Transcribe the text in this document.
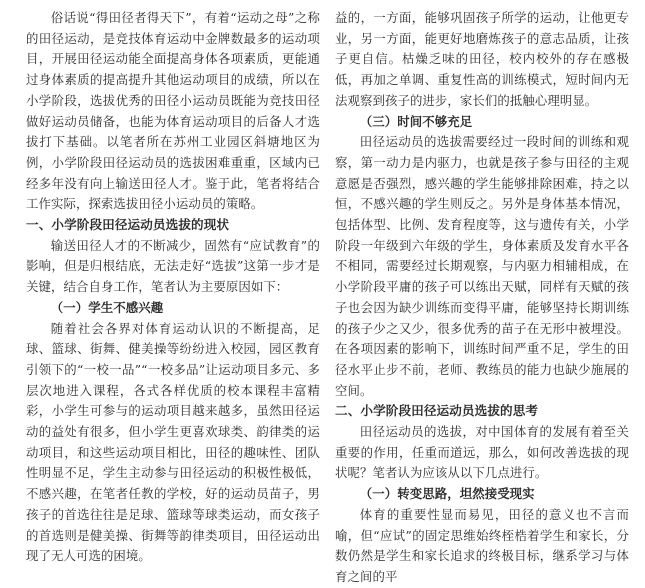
俗话说“得田径者得天下”，有着“运动之母”之称的田径运动，是竞技体育运动中金牌数最多的运动项目，开展田径运动能全面提高身体各项素质，更能通过身体素质的提高提升其他运动项目的成绩，所以在小学阶段，选拔优秀的田径小运动员既能为竞技田径做好运动员储备，也能为体育运动项目的后备人才选拔打下基础。以笔者所在苏州工业园区斜塘地区为例，小学阶段田径运动员的选拔困难重重，区域内已经多年没有向上输送田径人才。鉴于此，笔者将结合工作实际，探索选拔田径小运动员的策略。

一、小学阶段田径运动员选拔的现状

输送田径人才的不断减少，固然有“应试教育”的影响，但是归根结底，无法走好“选拔”这第一步才是关键，结合自身工作，笔者认为主要原因如下：

（一）学生不感兴趣

随着社会各界对体育运动认识的不断提高，足球、篮球、街舞、健美操等纷纷进入校园，园区教育引领下的“一校一品”“一校多品”让运动项目多元、多层次地进入课程，各式各样优质的校本课程丰富精彩，小学生可参与的运动项目越来越多，虽然田径运动的益处有很多，但小学生更喜欢球类、韵律类的运动项目，和这些运动项目相比，田径的趣味性、团队性明显不足，学生主动参与田径运动的积极性极低，不感兴趣，在笔者任教的学校，好的运动员苗子，男孩子的首选往往是足球、篮球等球类运动，而女孩子的首选则是健美操、街舞等韵律类项目，田径运动出现了无人可选的困境。

益的，一方面，能够巩固孩子所学的运动，让他更专业，另一方面，能更好地磨炼孩子的意志品质，让孩子更自信。枯燥乏味的田径，校内校外的存在感极低，再加之单调、重复性高的训练模式，短时间内无法观察到孩子的进步，家长们的抵触心理明显。

（三）时间不够充足

田径运动员的选拔需要经过一段时间的训练和观察，第一动力是内驱力，也就是孩子参与田径的主观意愿是否强烈，感兴趣的学生能够排除困难，持之以恒，不感兴趣的学生则反之。另外是身体基本情况，包括体型、比例、发育程度等，这与遗传有关，小学阶段一年级到六年级的学生，身体素质及发育水平各不相同，需要经过长期观察，与内驱力相辅相成，在小学阶段平庸的孩子可以练出天赋，同样有天赋的孩子也会因为缺少训练而变得平庸，能够坚持长期训练的孩子少之又少，很多优秀的苗子在无形中被埋没。在各项因素的影响下，训练时间严重不足，学生的田径水平止步不前，老师、教练员的能力也缺少施展的空间。

二、小学阶段田径运动员选拔的思考

田径运动员的选拔，对中国体育的发展有着至关重要的作用，任重而道远，那么，如何改善选拔的现状呢？笔者认为应该从以下几点进行。

（一）转变思路，坦然接受现实

体育的重要性显而易见，田径的意义也不言而喻，但“应试”的固定思维始终桎梏着学生和家长，分数仍然是学生和家长追求的终极目标，继系学习与体育之间的平
